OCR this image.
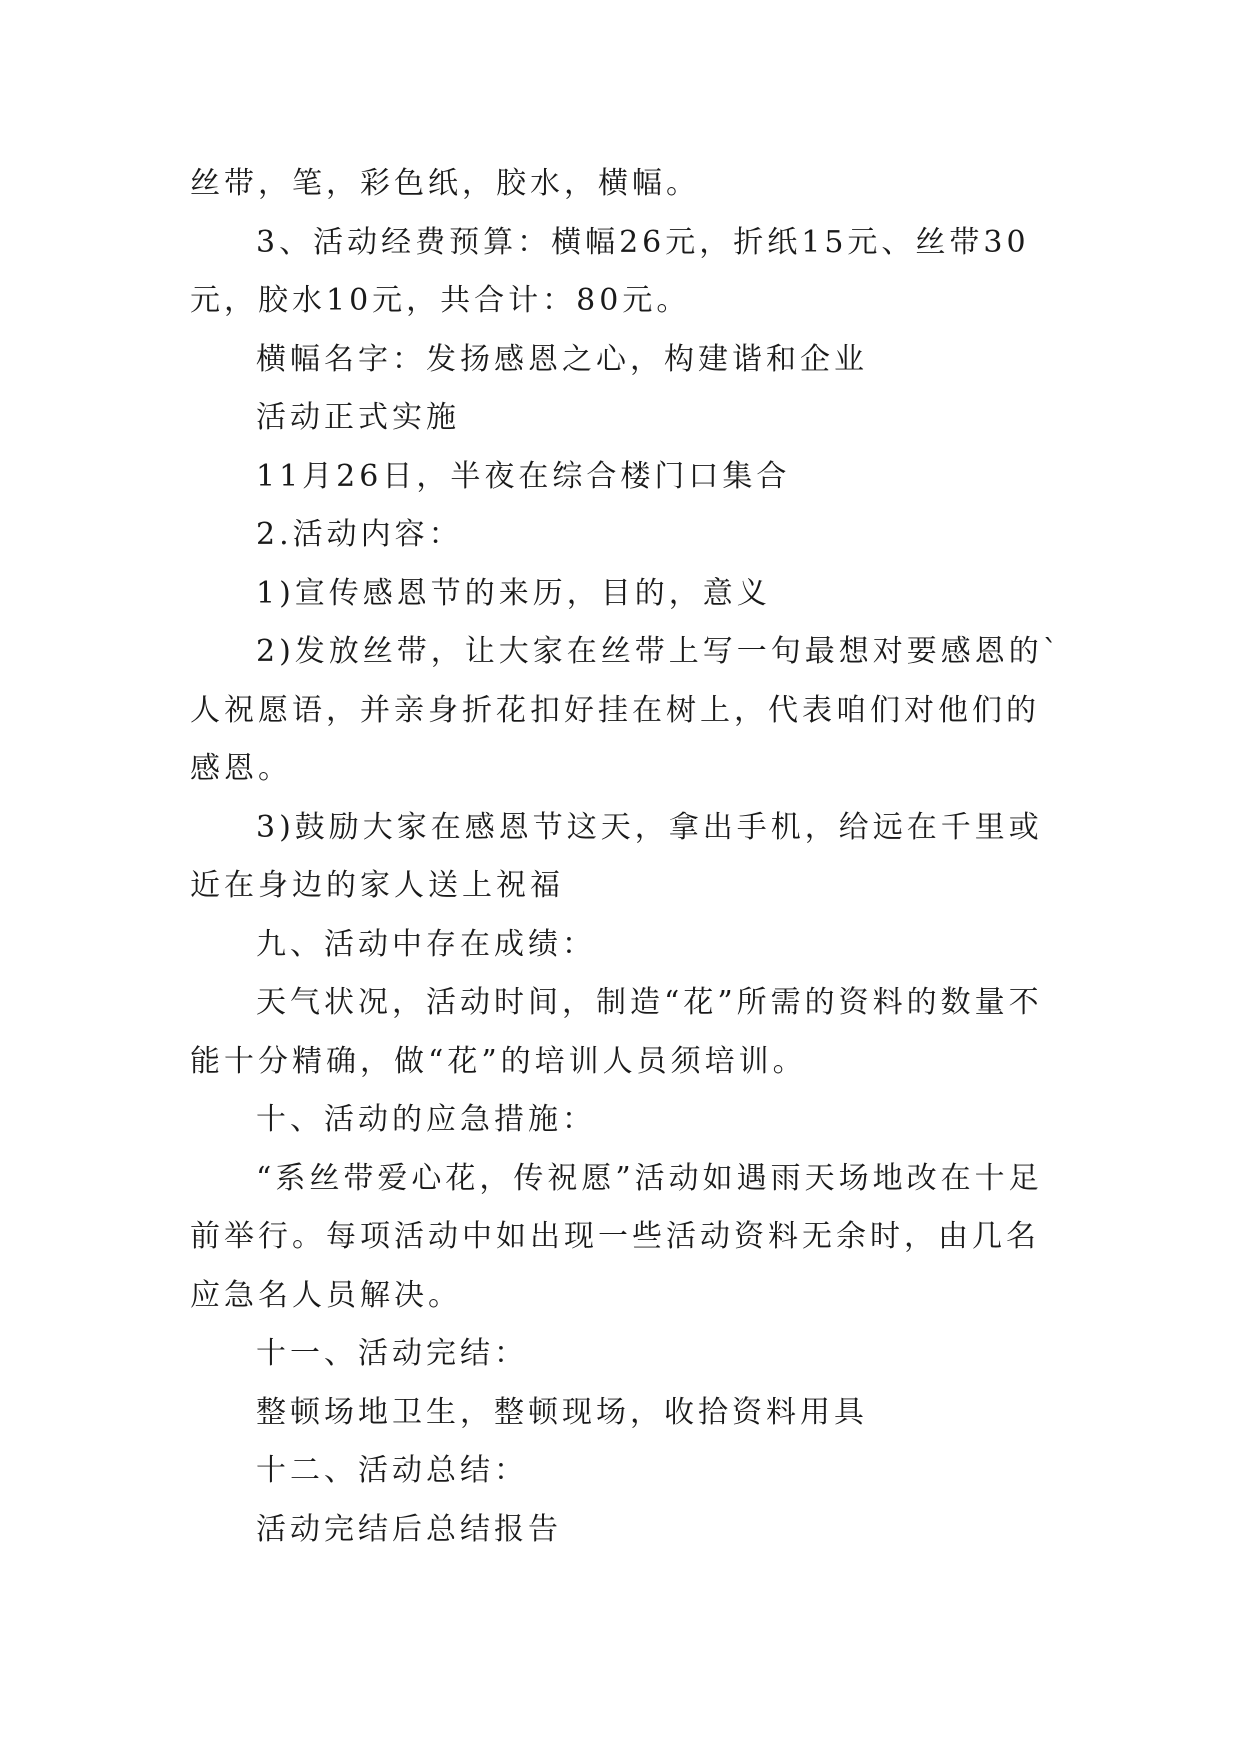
丝带，笔，彩色纸，胶水，横幅。

3、活动经费预算：横幅26元，折纸15元、丝带30元，胶水10元，共合计：80元。

横幅名字：发扬感恩之心，构建谐和企业

活动正式实施

11月26日，半夜在综合楼门口集合

2.活动内容：

1)宣传感恩节的来历，目的，意义

2)发放丝带，让大家在丝带上写一句最想对要感恩的`人祝愿语，并亲身折花扣好挂在树上，代表咱们对他们的感恩。

3)鼓励大家在感恩节这天，拿出手机，给远在千里或近在身边的家人送上祝福

九、活动中存在成绩：

天气状况，活动时间，制造“花”所需的资料的数量不能十分精确，做“花”的培训人员须培训。

十、活动的应急措施：

“系丝带爱心花，传祝愿”活动如遇雨天场地改在十足前举行。每项活动中如出现一些活动资料无余时，由几名应急名人员解决。

十一、活动完结：

整顿场地卫生，整顿现场，收拾资料用具

十二、活动总结：

活动完结后总结报告
